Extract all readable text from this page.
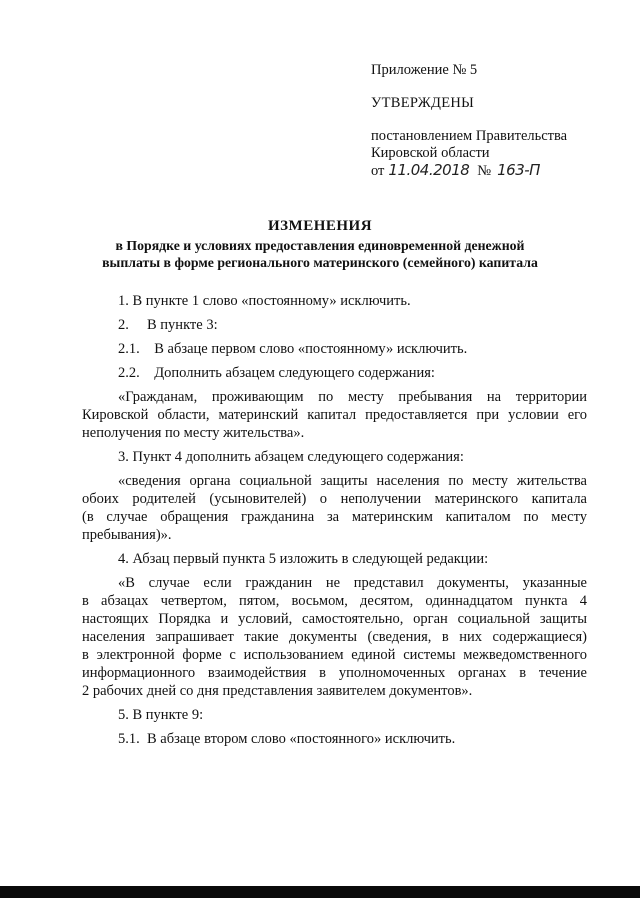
Приложение № 5
УТВЕРЖДЕНЫ
постановлением Правительства
Кировской области
от 11.04.2018 № 163-П
ИЗМЕНЕНИЯ
в Порядке и условиях предоставления единовременной денежной
выплаты в форме регионального материнского (семейного) капитала

1. В пункте 1 слово «постоянному» исключить.

2.     В пункте 3:

2.1.    В абзаце первом слово «постоянному» исключить.

2.2.    Дополнить абзацем следующего содержания:

«Гражданам, проживающим по месту пребывания на территории

Кировской области, материнский капитал предоставляется при условии его

неполучения по месту жительства».

3. Пункт 4 дополнить абзацем следующего содержания:

«сведения органа социальной защиты населения по месту жительства

обоих родителей (усыновителей) о неполучении материнского капитала

(в случае обращения гражданина за материнским капиталом по месту

пребывания)».

4. Абзац первый пункта 5 изложить в следующей редакции:

«В случае если гражданин не представил документы, указанные

в абзацах четвертом, пятом, восьмом, десятом, одиннадцатом пункта 4

настоящих Порядка и условий, самостоятельно, орган социальной защиты

населения запрашивает такие документы (сведения, в них содержащиеся)

в электронной форме с использованием единой системы межведомственного

информационного взаимодействия в уполномоченных органах в течение

2 рабочих дней со дня представления заявителем документов».

5. В пункте 9:

5.1.  В абзаце втором слово «постоянного» исключить.
